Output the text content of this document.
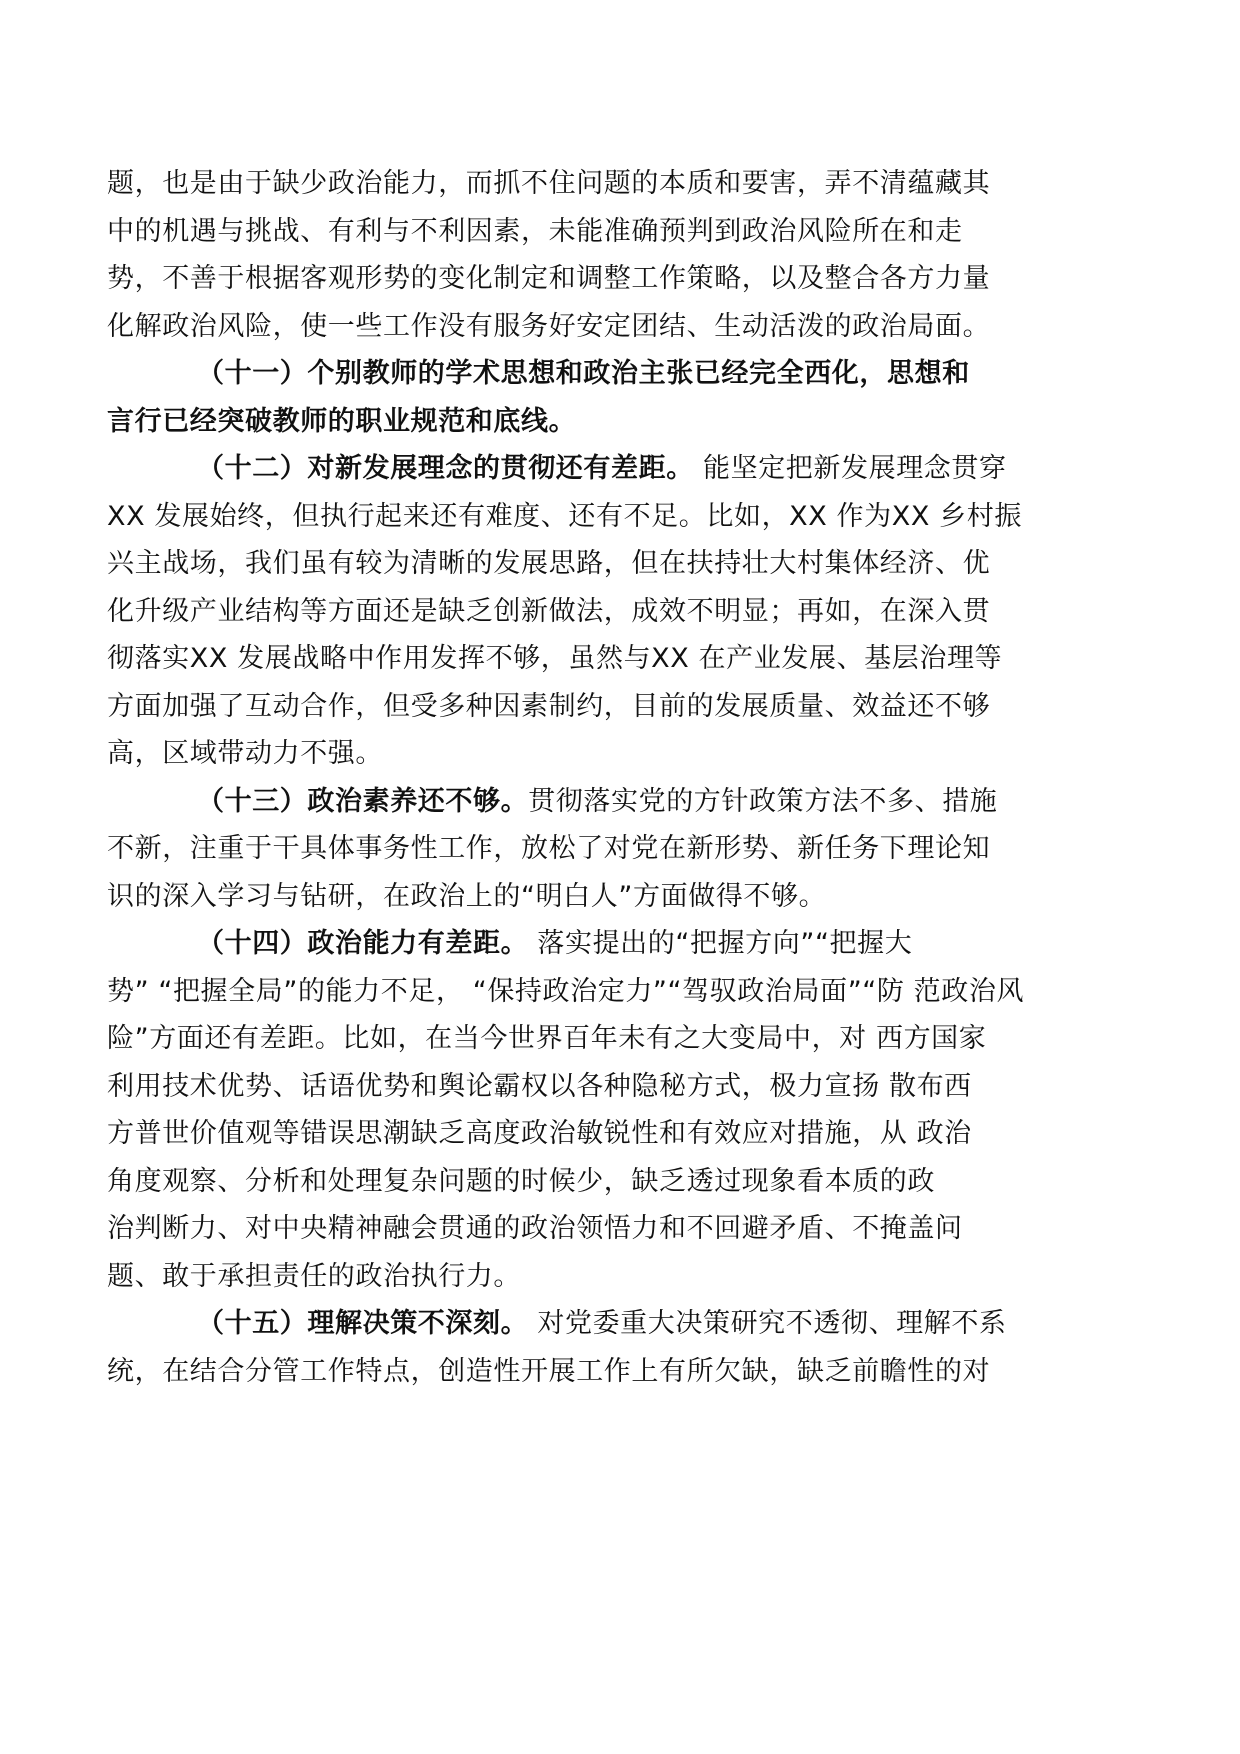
题，也是由于缺少政治能力，而抓不住问题的本质和要害，弄不清蕴藏其
中的机遇与挑战、有利与不利因素，未能准确预判到政治风险所在和走
势，不善于根据客观形势的变化制定和调整工作策略，以及整合各方力量
化解政治风险，使一些工作没有服务好安定团结、生动活泼的政治局面。
（十一）个别教师的学术思想和政治主张已经完全西化，思想和
言行已经突破教师的职业规范和底线。
（十二）对新发展理念的贯彻还有差距。 能坚定把新发展理念贯穿
XX 发展始终，但执行起来还有难度、还有不足。比如，XX 作为XX 乡村振
兴主战场，我们虽有较为清晰的发展思路，但在扶持壮大村集体经济、优
化升级产业结构等方面还是缺乏创新做法，成效不明显；再如，在深入贯
彻落实XX 发展战略中作用发挥不够，虽然与XX 在产业发展、基层治理等
方面加强了互动合作，但受多种因素制约，目前的发展质量、效益还不够
高，区域带动力不强。
（十三）政治素养还不够。贯彻落实党的方针政策方法不多、措施
不新，注重于干具体事务性工作，放松了对党在新形势、新任务下理论知
识的深入学习与钻研，在政治上的“明白人”方面做得不够。
（十四）政治能力有差距。 落实提出的“把握方向”“把握大
势” “把握全局”的能力不足， “保持政治定力”“驾驭政治局面”“防 范政治风
险”方面还有差距。比如，在当今世界百年未有之大变局中，对 西方国家
利用技术优势、话语优势和舆论霸权以各种隐秘方式，极力宣扬 散布西
方普世价值观等错误思潮缺乏高度政治敏锐性和有效应对措施，从 政治
角度观察、分析和处理复杂问题的时候少，缺乏透过现象看本质的政
治判断力、对中央精神融会贯通的政治领悟力和不回避矛盾、不掩盖问
题、敢于承担责任的政治执行力。
（十五）理解决策不深刻。 对党委重大决策研究不透彻、理解不系
统，在结合分管工作特点，创造性开展工作上有所欠缺，缺乏前瞻性的对
